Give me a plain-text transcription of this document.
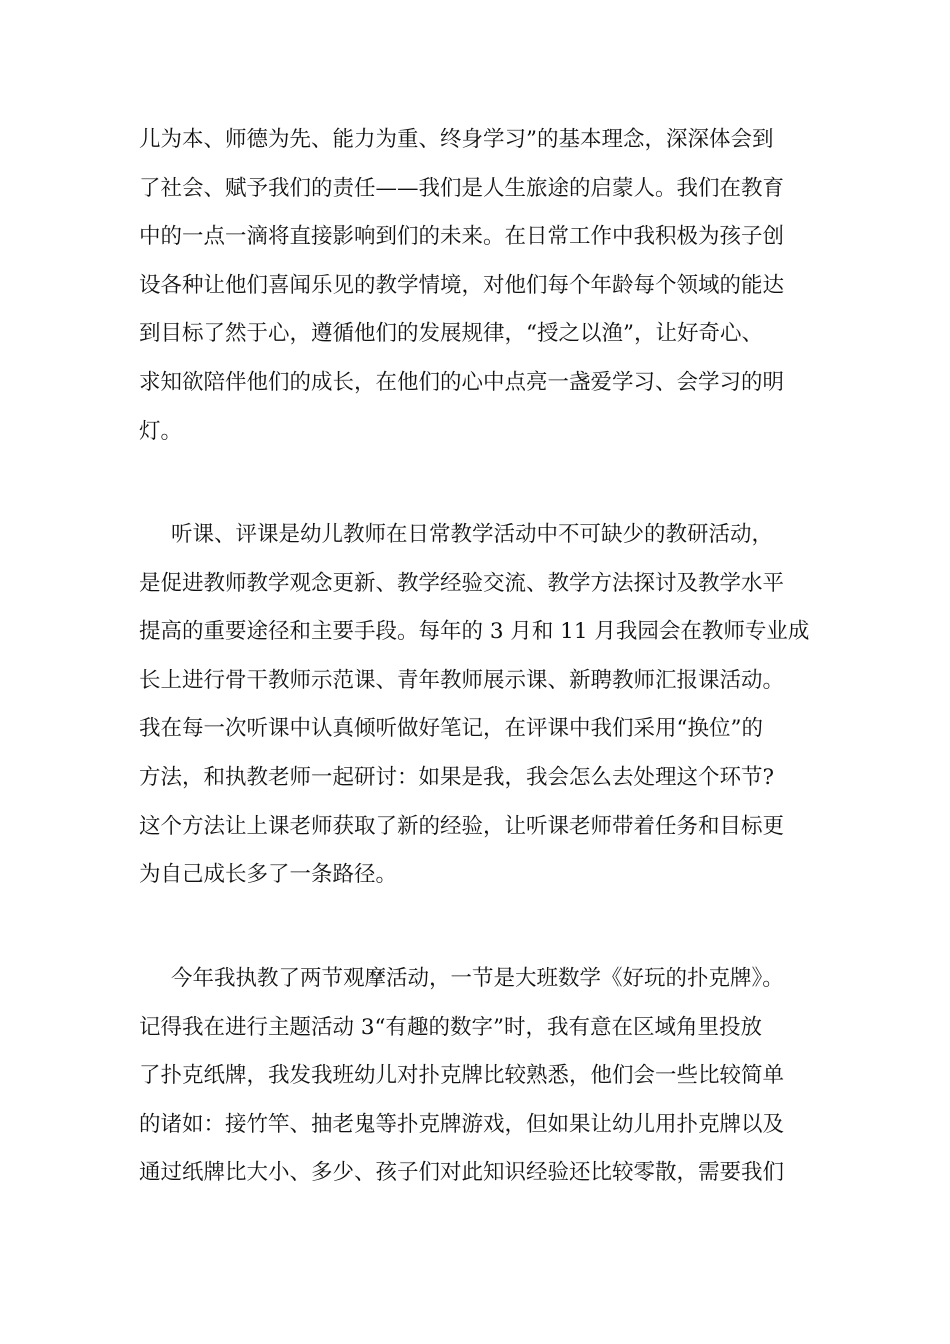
儿为本、师德为先、能力为重、终身学习”的基本理念，深深体会到
了社会、赋予我们的责任——我们是人生旅途的启蒙人。我们在教育
中的一点一滴将直接影响到们的未来。在日常工作中我积极为孩子创
设各种让他们喜闻乐见的教学情境，对他们每个年龄每个领域的能达
到目标了然于心，遵循他们的发展规律，“授之以渔”，让好奇心、
求知欲陪伴他们的成长，在他们的心中点亮一盏爱学习、会学习的明
灯。
听课、评课是幼儿教师在日常教学活动中不可缺少的教研活动，
是促进教师教学观念更新、教学经验交流、教学方法探讨及教学水平
提高的重要途径和主要手段。每年的 3 月和 11 月我园会在教师专业成
长上进行骨干教师示范课、青年教师展示课、新聘教师汇报课活动。
我在每一次听课中认真倾听做好笔记，在评课中我们采用“换位”的
方法，和执教老师一起研讨：如果是我，我会怎么去处理这个环节?
这个方法让上课老师获取了新的经验，让听课老师带着任务和目标更
为自己成长多了一条路径。
今年我执教了两节观摩活动，一节是大班数学《好玩的扑克牌》。
记得我在进行主题活动 3“有趣的数字”时，我有意在区域角里投放
了扑克纸牌，我发我班幼儿对扑克牌比较熟悉，他们会一些比较简单
的诸如：接竹竿、抽老鬼等扑克牌游戏，但如果让幼儿用扑克牌以及
通过纸牌比大小、多少、孩子们对此知识经验还比较零散，需要我们
